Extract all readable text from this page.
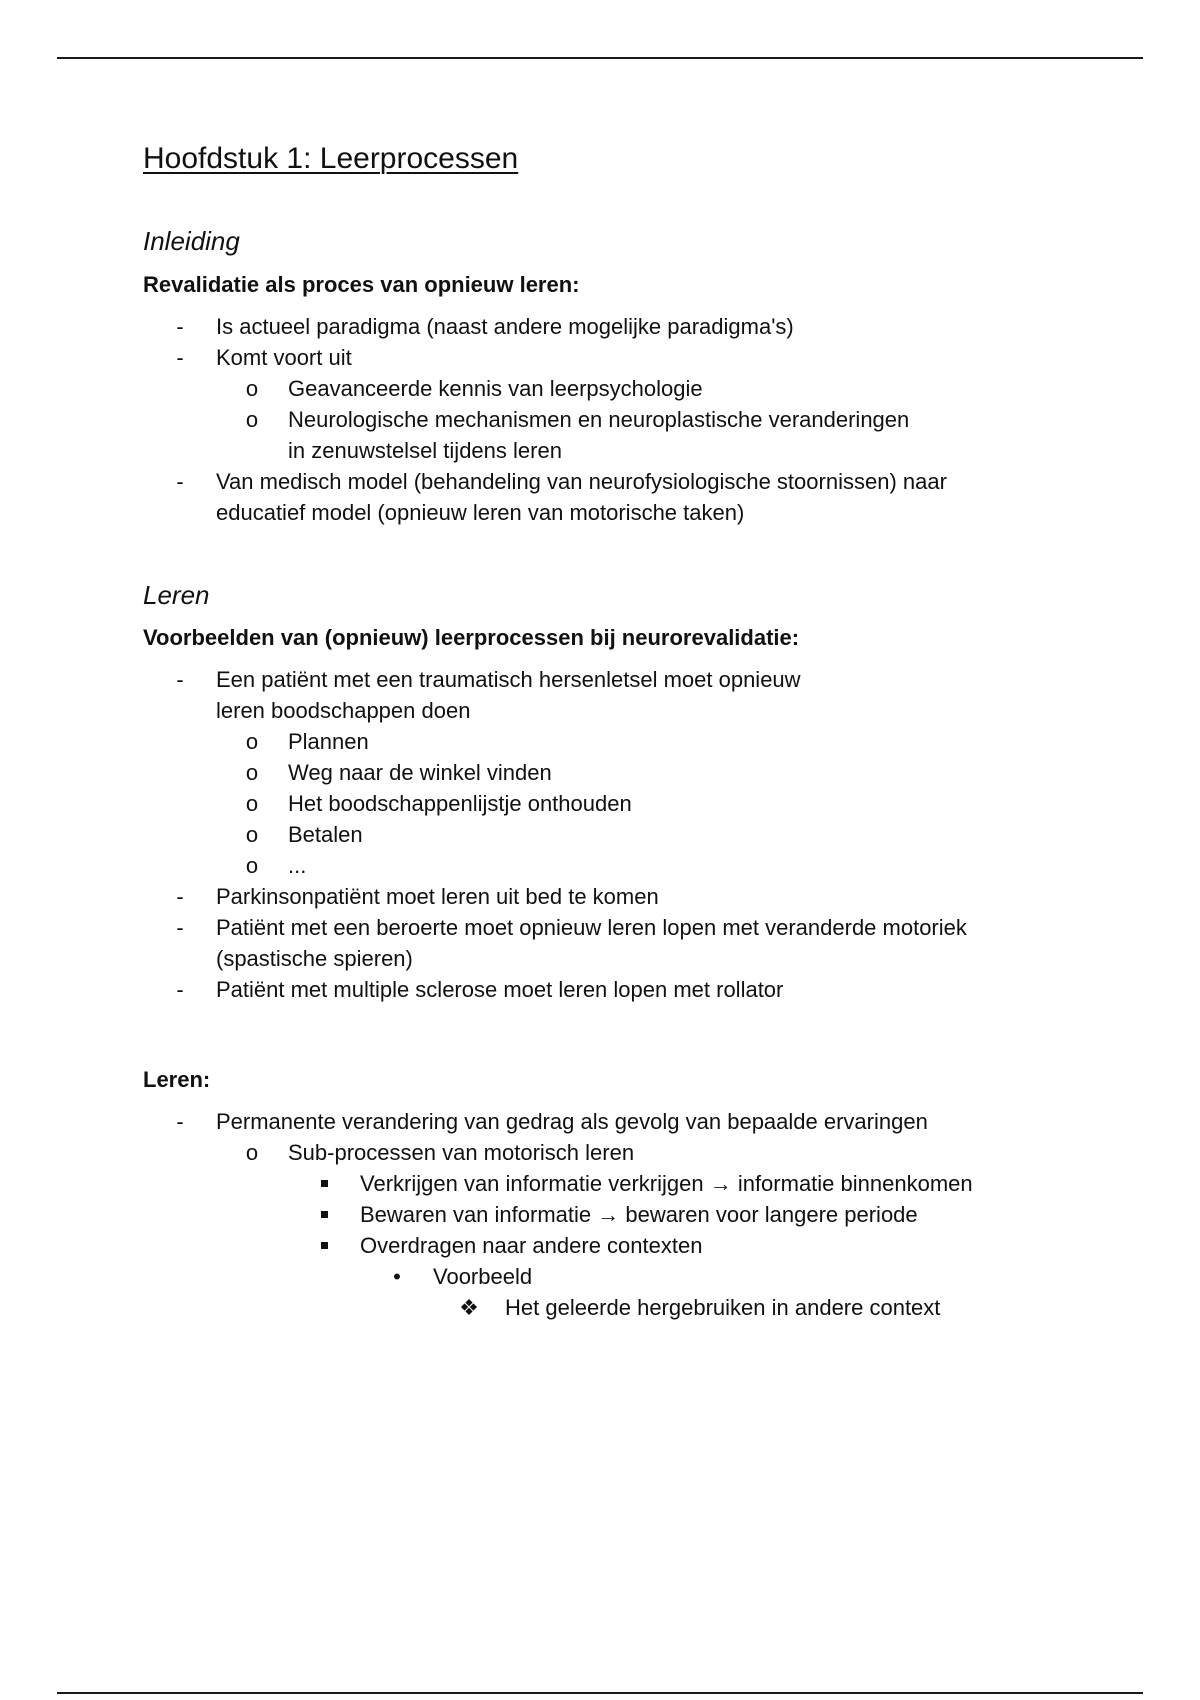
Hoofdstuk 1: Leerprocessen
Inleiding

Revalidatie als proces van opnieuw leren:

- Is actueel paradigma (naast andere mogelijke paradigma's)
- Komt voort uit
o Geavanceerde kennis van leerpsychologie
o Neurologische mechanismen en neuroplastische veranderingen in zenuwstelsel tijdens leren
- Van medisch model (behandeling van neurofysiologische stoornissen) naar educatief model (opnieuw leren van motorische taken)
Leren

Voorbeelden van (opnieuw) leerprocessen bij neurorevalidatie:

- Een patiënt met een traumatisch hersenletsel moet opnieuw leren boodschappen doen
o Plannen
o Weg naar de winkel vinden
o Het boodschappenlijstje onthouden
o Betalen
o ...
- Parkinsonpatiënt moet leren uit bed te komen
- Patiënt met een beroerte moet opnieuw leren lopen met veranderde motoriek (spastische spieren)
- Patiënt met multiple sclerose moet leren lopen met rollator

Leren:

- Permanente verandering van gedrag als gevolg van bepaalde ervaringen
o Sub-processen van motorisch leren
Verkrijgen van informatie verkrijgen → informatie binnenkomen
Bewaren van informatie → bewaren voor langere periode
Overdragen naar andere contexten
• Voorbeeld
❖ Het geleerde hergebruiken in andere context
